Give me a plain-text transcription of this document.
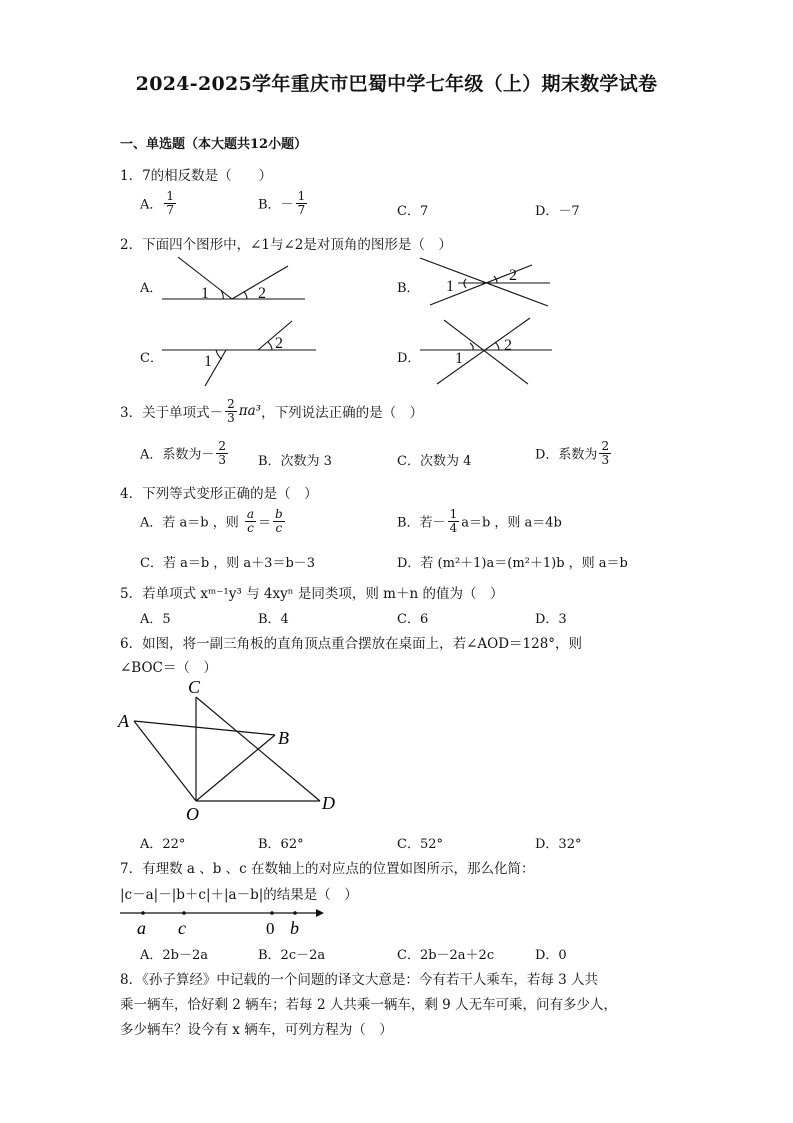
2024-2025学年重庆市巴蜀中学七年级（上）期末数学试卷
一、单选题（本大题共12小题）
1．7的相反数是（　　）
A． $\frac{1}{7}$	B．－ $\frac{1}{7}$	C．7	D．－7
2．下面四个图形中，∠1与∠2是对顶角的图形是（　）
A．	B．
C．	D．
1	2	1
2
1
2
1
2
3．关于单项式－ $\frac{2}{3} \pi a^3$，下列说法正确的是（　）
A．系数为－ $\frac{2}{3}$ B．次数为 3	C．次数为 4	D．系数为 $\frac{2}{3}$
4．下列等式变形正确的是（　）
A．若 a＝b ，则 $\frac{a}{c} = \frac{b}{c}$	B．若－ $\frac{1}{4} a=b$ ，则 a＝4b
C．若 a＝b ，则 a＋3＝b－3	D．若 (m²＋1)a＝(m²＋1)b ，则 a＝b
5．若单项式 xᵐ⁻¹y³ 与 4xyⁿ 是同类项，则 m＋n 的值为（　）
A．5	B．4	C．6	D．3
6．如图，将一副三角板的直角顶点重合摆放在桌面上，若∠AOD＝128°，则
∠BOC＝（　）
A
B
C
D
O
A．22°	B．62°	C．52°	D．32°
7．有理数 a 、b 、c 在数轴上的对应点的位置如图所示，那么化简：
|c－a|－|b＋c|＋|a－b|的结果是（　）
a c	0 b
A．2b－2a	B．2c－2a	C．2b－2a＋2c	D．0
8．《孙子算经》中记载的一个问题的译文大意是：今有若干人乘车，若每 3 人共
乘一辆车，恰好剩 2 辆车；若每 2 人共乘一辆车，剩 9 人无车可乘，问有多少人，
多少辆车？设今有 x 辆车，可列方程为（　）
